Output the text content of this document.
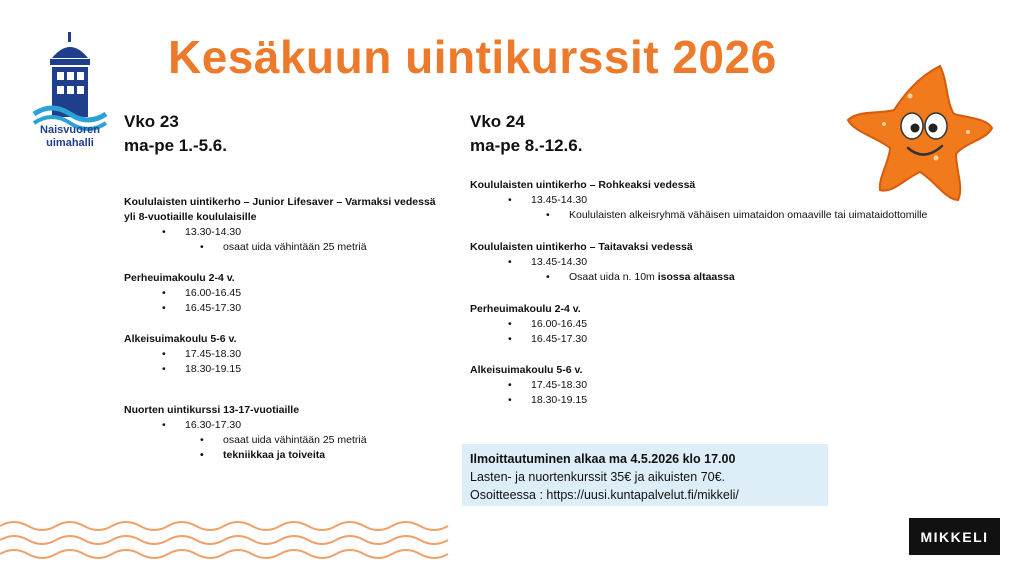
Naisvuoren
uimahalli
Kesäkuun uintikurssit 2026
Vko 23
ma-pe 1.-5.6.
Koululaisten uintikerho – Junior Lifesaver – Varmaksi vedessä
yli 8-vuotiaille koululaisille
• 13.30-14.30
• osaat uida vähintään 25 metriä
Perheuimakoulu 2-4 v.
• 16.00-16.45
• 16.45-17.30
Alkeisuimakoulu 5-6 v.
• 17.45-18.30
• 18.30-19.15
Nuorten uintikurssi 13-17-vuotiaille
• 16.30-17.30
• osaat uida vähintään 25 metriä
• tekniikkaa ja toiveita
Vko 24
ma-pe 8.-12.6.
Koululaisten uintikerho – Rohkeaksi vedessä
• 13.45-14.30
• Koululaisten alkeisryhmä vähäisen uimataidon omaaville tai uimataidottomille
Koululaisten uintikerho – Taitavaksi vedessä
• 13.45-14.30
• Osaat uida n. 10m isossa altaassa
Perheuimakoulu 2-4 v.
• 16.00-16.45
• 16.45-17.30
Alkeisuimakoulu 5-6 v.
• 17.45-18.30
• 18.30-19.15
Ilmoittautuminen alkaa ma 4.5.2026 klo 17.00
Lasten- ja nuortenkurssit 35€ ja aikuisten 70€.
Osoitteessa : https://uusi.kuntapalvelut.fi/mikkeli/
MIKKELI
